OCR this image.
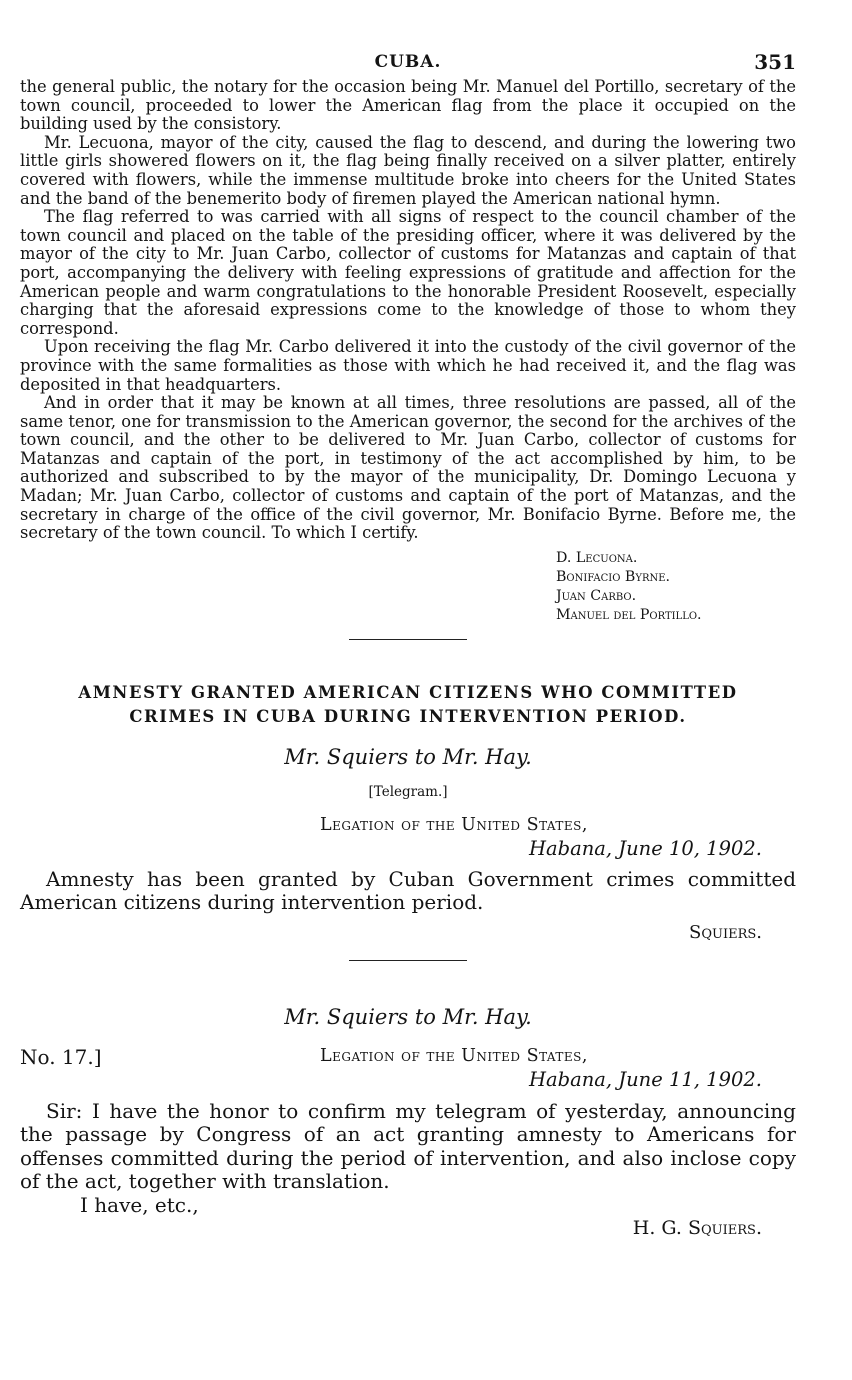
CUBA.	351

the general public, the notary for the occasion being Mr. Manuel del Portillo, secretary of the town council, proceeded to lower the American flag from the place it occupied on the building used by the consistory.

Mr. Lecuona, mayor of the city, caused the flag to descend, and during the lowering two little girls showered flowers on it, the flag being finally received on a silver platter, entirely covered with flowers, while the immense multitude broke into cheers for the United States and the band of the benemerito body of firemen played the American national hymn.

The flag referred to was carried with all signs of respect to the council chamber of the town council and placed on the table of the presiding officer, where it was delivered by the mayor of the city to Mr. Juan Carbo, collector of customs for Matanzas and captain of that port, accompanying the delivery with feeling expressions of gratitude and affection for the American people and warm congratulations to the honorable President Roosevelt, especially charging that the aforesaid expressions come to the knowledge of those to whom they correspond.

Upon receiving the flag Mr. Carbo delivered it into the custody of the civil governor of the province with the same formalities as those with which he had received it, and the flag was deposited in that headquarters.

And in order that it may be known at all times, three resolutions are passed, all of the same tenor, one for transmission to the American governor, the second for the archives of the town council, and the other to be delivered to Mr. Juan Carbo, collector of customs for Matanzas and captain of the port, in testimony of the act accomplished by him, to be authorized and subscribed to by the mayor of the municipality, Dr. Domingo Lecuona y Madan; Mr. Juan Carbo, collector of customs and captain of the port of Matanzas, and the secretary in charge of the office of the civil governor, Mr. Bonifacio Byrne. Before me, the secretary of the town council. To which I certify.

D. Lecuona.
Bonifacio Byrne.
Juan Carbo.
Manuel del Portillo.
AMNESTY GRANTED AMERICAN CITIZENS WHO COMMITTED
CRIMES IN CUBA DURING INTERVENTION PERIOD.
Mr. Squiers to Mr. Hay.
[Telegram.]
Legation of the United States,
Habana, June 10, 1902.

Amnesty has been granted by Cuban Government crimes committed American citizens during intervention period.

Squiers.
Mr. Squiers to Mr. Hay.
No. 17.]	Legation of the United States,
Habana, June 11, 1902.

Sir: I have the honor to confirm my telegram of yesterday, announcing the passage by Congress of an act granting amnesty to Americans for offenses committed during the period of intervention, and also inclose copy of the act, together with translation.

I have, etc.,

H. G. Squiers.
